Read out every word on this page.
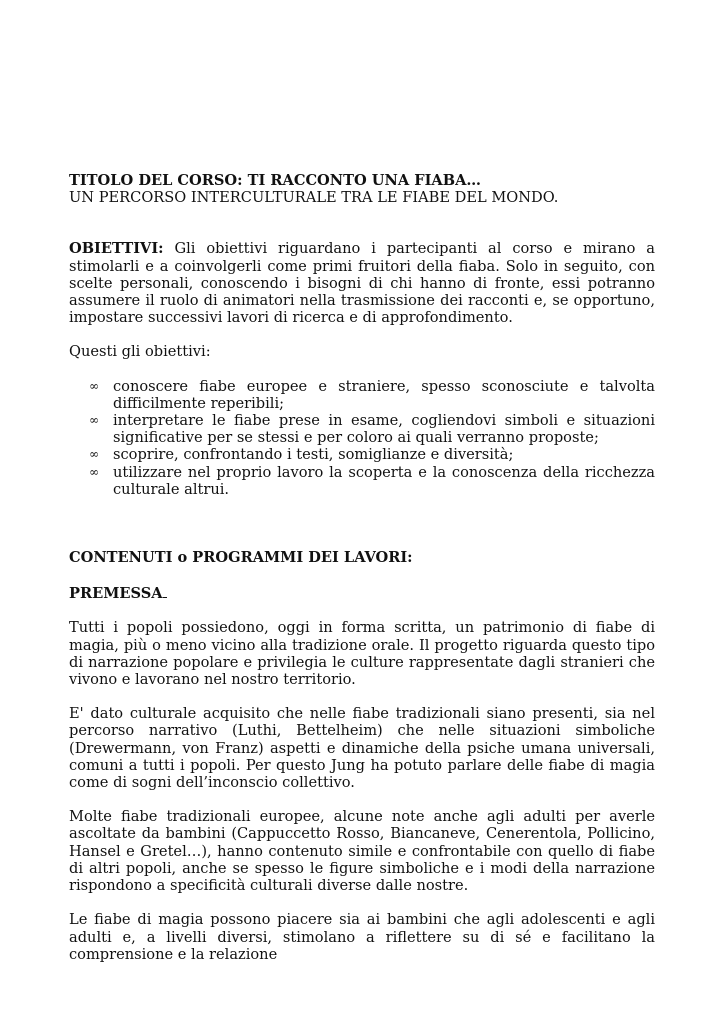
TITOLO DEL CORSO: TI RACCONTO UNA FIABA…

UN PERCORSO INTERCULTURALE TRA LE FIABE DEL MONDO.

OBIETTIVI: Gli obiettivi riguardano i partecipanti al corso e mirano a stimolarli e a coinvolgerli come primi fruitori della fiaba. Solo in seguito, con scelte personali, conoscendo i bisogni di chi hanno di fronte, essi potranno assumere il ruolo di animatori nella trasmissione dei racconti e, se opportuno, impostare successivi lavori di ricerca e di approfondimento.

Questi gli obiettivi:

∞ conoscere fiabe europee e straniere, spesso sconosciute e talvolta difficilmente reperibili;
∞ interpretare le fiabe prese in esame, cogliendovi simboli e situazioni significative per se stessi e per coloro ai quali verranno proposte;
∞ scoprire, confrontando i testi, somiglianze e diversità;
∞ utilizzare nel proprio lavoro la scoperta e la conoscenza della ricchezza culturale altrui.

CONTENUTI o PROGRAMMI DEI LAVORI:

PREMESSA

Tutti i popoli possiedono, oggi in forma scritta, un patrimonio di fiabe di magia, più o meno vicino alla tradizione orale. Il progetto riguarda questo tipo di narrazione popolare e privilegia le culture rappresentate dagli stranieri che vivono e lavorano nel nostro territorio.

E' dato culturale acquisito che nelle fiabe tradizionali siano presenti, sia nel percorso narrativo (Luthi, Bettelheim) che nelle situazioni simboliche (Drewermann, von Franz) aspetti e dinamiche della psiche umana universali, comuni a tutti i popoli. Per questo Jung ha potuto parlare delle fiabe di magia come di sogni dell’inconscio collettivo.

Molte fiabe tradizionali europee, alcune note anche agli adulti per averle ascoltate da bambini (Cappuccetto Rosso, Biancaneve, Cenerentola, Pollicino, Hansel e Gretel…), hanno contenuto simile e confrontabile con quello di fiabe di altri popoli, anche se spesso le figure simboliche e i modi della narrazione rispondono a specificità culturali diverse dalle nostre.

Le fiabe di magia possono piacere sia ai bambini che agli adolescenti e agli adulti e, a livelli diversi, stimolano a riflettere su di sé e facilitano la comprensione e la relazione
